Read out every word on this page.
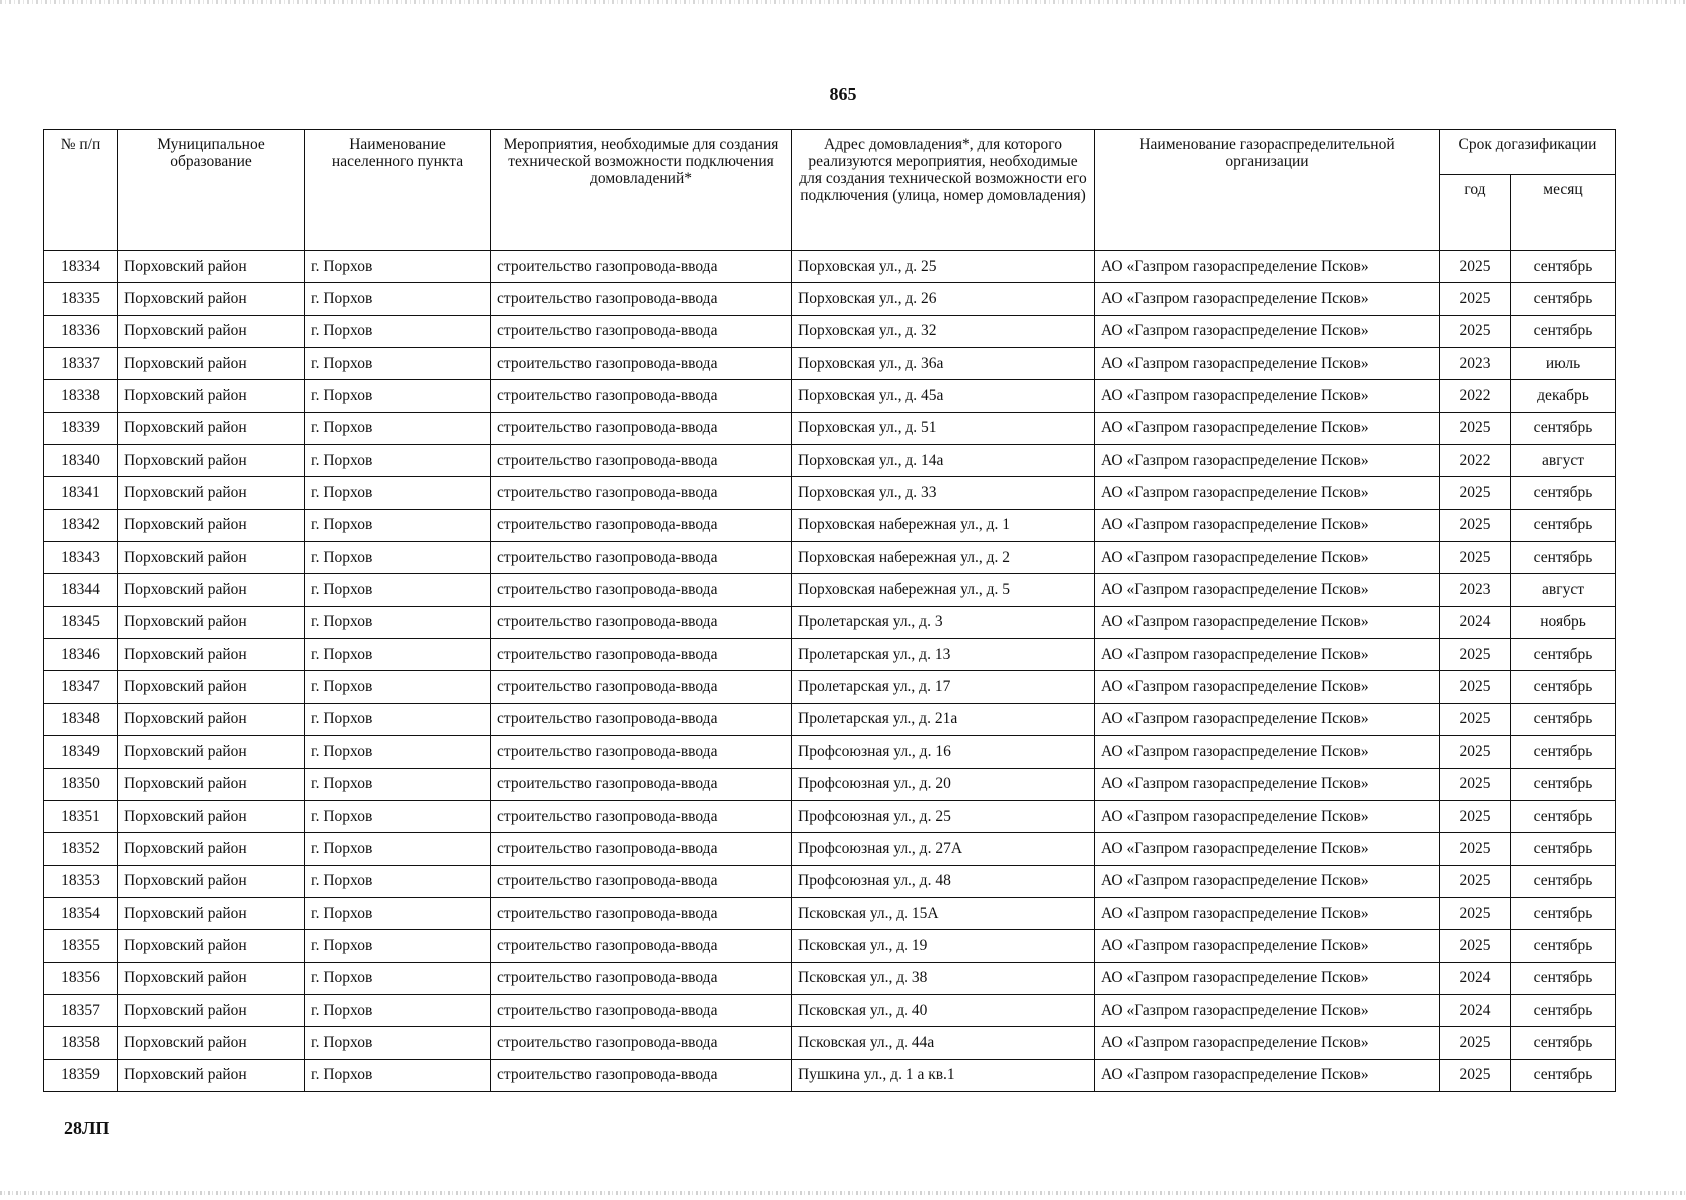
865
№ п/п	Муниципальное образование	Наименование населенного пункта	Мероприятия, необходимые для создания технической возможности подключения домовладений*	Адрес домовладения*, для которого реализуются мероприятия, необходимые для создания технической возможности его подключения (улица, номер домовладения)	Наименование газораспределительной организации	Срок догазификации	
						год	месяц
18334	Порховский район	г. Порхов	строительство газопровода-ввода	Порховская ул., д. 25	АО «Газпром газораспределение Псков»	2025	сентябрь
18335	Порховский район	г. Порхов	строительство газопровода-ввода	Порховская ул., д. 26	АО «Газпром газораспределение Псков»	2025	сентябрь
18336	Порховский район	г. Порхов	строительство газопровода-ввода	Порховская ул., д. 32	АО «Газпром газораспределение Псков»	2025	сентябрь
18337	Порховский район	г. Порхов	строительство газопровода-ввода	Порховская ул., д. 36а	АО «Газпром газораспределение Псков»	2023	июль
18338	Порховский район	г. Порхов	строительство газопровода-ввода	Порховская ул., д. 45а	АО «Газпром газораспределение Псков»	2022	декабрь
18339	Порховский район	г. Порхов	строительство газопровода-ввода	Порховская ул., д. 51	АО «Газпром газораспределение Псков»	2025	сентябрь
18340	Порховский район	г. Порхов	строительство газопровода-ввода	Порховская ул., д. 14а	АО «Газпром газораспределение Псков»	2022	август
18341	Порховский район	г. Порхов	строительство газопровода-ввода	Порховская ул., д. 33	АО «Газпром газораспределение Псков»	2025	сентябрь
18342	Порховский район	г. Порхов	строительство газопровода-ввода	Порховская набережная ул., д. 1	АО «Газпром газораспределение Псков»	2025	сентябрь
18343	Порховский район	г. Порхов	строительство газопровода-ввода	Порховская набережная ул., д. 2	АО «Газпром газораспределение Псков»	2025	сентябрь
18344	Порховский район	г. Порхов	строительство газопровода-ввода	Порховская набережная ул., д. 5	АО «Газпром газораспределение Псков»	2023	август
18345	Порховский район	г. Порхов	строительство газопровода-ввода	Пролетарская ул., д. 3	АО «Газпром газораспределение Псков»	2024	ноябрь
18346	Порховский район	г. Порхов	строительство газопровода-ввода	Пролетарская ул., д. 13	АО «Газпром газораспределение Псков»	2025	сентябрь
18347	Порховский район	г. Порхов	строительство газопровода-ввода	Пролетарская ул., д. 17	АО «Газпром газораспределение Псков»	2025	сентябрь
18348	Порховский район	г. Порхов	строительство газопровода-ввода	Пролетарская ул., д. 21а	АО «Газпром газораспределение Псков»	2025	сентябрь
18349	Порховский район	г. Порхов	строительство газопровода-ввода	Профсоюзная ул., д. 16	АО «Газпром газораспределение Псков»	2025	сентябрь
18350	Порховский район	г. Порхов	строительство газопровода-ввода	Профсоюзная ул., д. 20	АО «Газпром газораспределение Псков»	2025	сентябрь
18351	Порховский район	г. Порхов	строительство газопровода-ввода	Профсоюзная ул., д. 25	АО «Газпром газораспределение Псков»	2025	сентябрь
18352	Порховский район	г. Порхов	строительство газопровода-ввода	Профсоюзная ул., д. 27А	АО «Газпром газораспределение Псков»	2025	сентябрь
18353	Порховский район	г. Порхов	строительство газопровода-ввода	Профсоюзная ул., д. 48	АО «Газпром газораспределение Псков»	2025	сентябрь
18354	Порховский район	г. Порхов	строительство газопровода-ввода	Псковская ул., д. 15А	АО «Газпром газораспределение Псков»	2025	сентябрь
18355	Порховский район	г. Порхов	строительство газопровода-ввода	Псковская ул., д. 19	АО «Газпром газораспределение Псков»	2025	сентябрь
18356	Порховский район	г. Порхов	строительство газопровода-ввода	Псковская ул., д. 38	АО «Газпром газораспределение Псков»	2024	сентябрь
18357	Порховский район	г. Порхов	строительство газопровода-ввода	Псковская ул., д. 40	АО «Газпром газораспределение Псков»	2024	сентябрь
18358	Порховский район	г. Порхов	строительство газопровода-ввода	Псковская ул., д. 44а	АО «Газпром газораспределение Псков»	2025	сентябрь
18359	Порховский район	г. Порхов	строительство газопровода-ввода	Пушкина ул., д. 1 а кв.1	АО «Газпром газораспределение Псков»	2025	сентябрь
28ЛП
